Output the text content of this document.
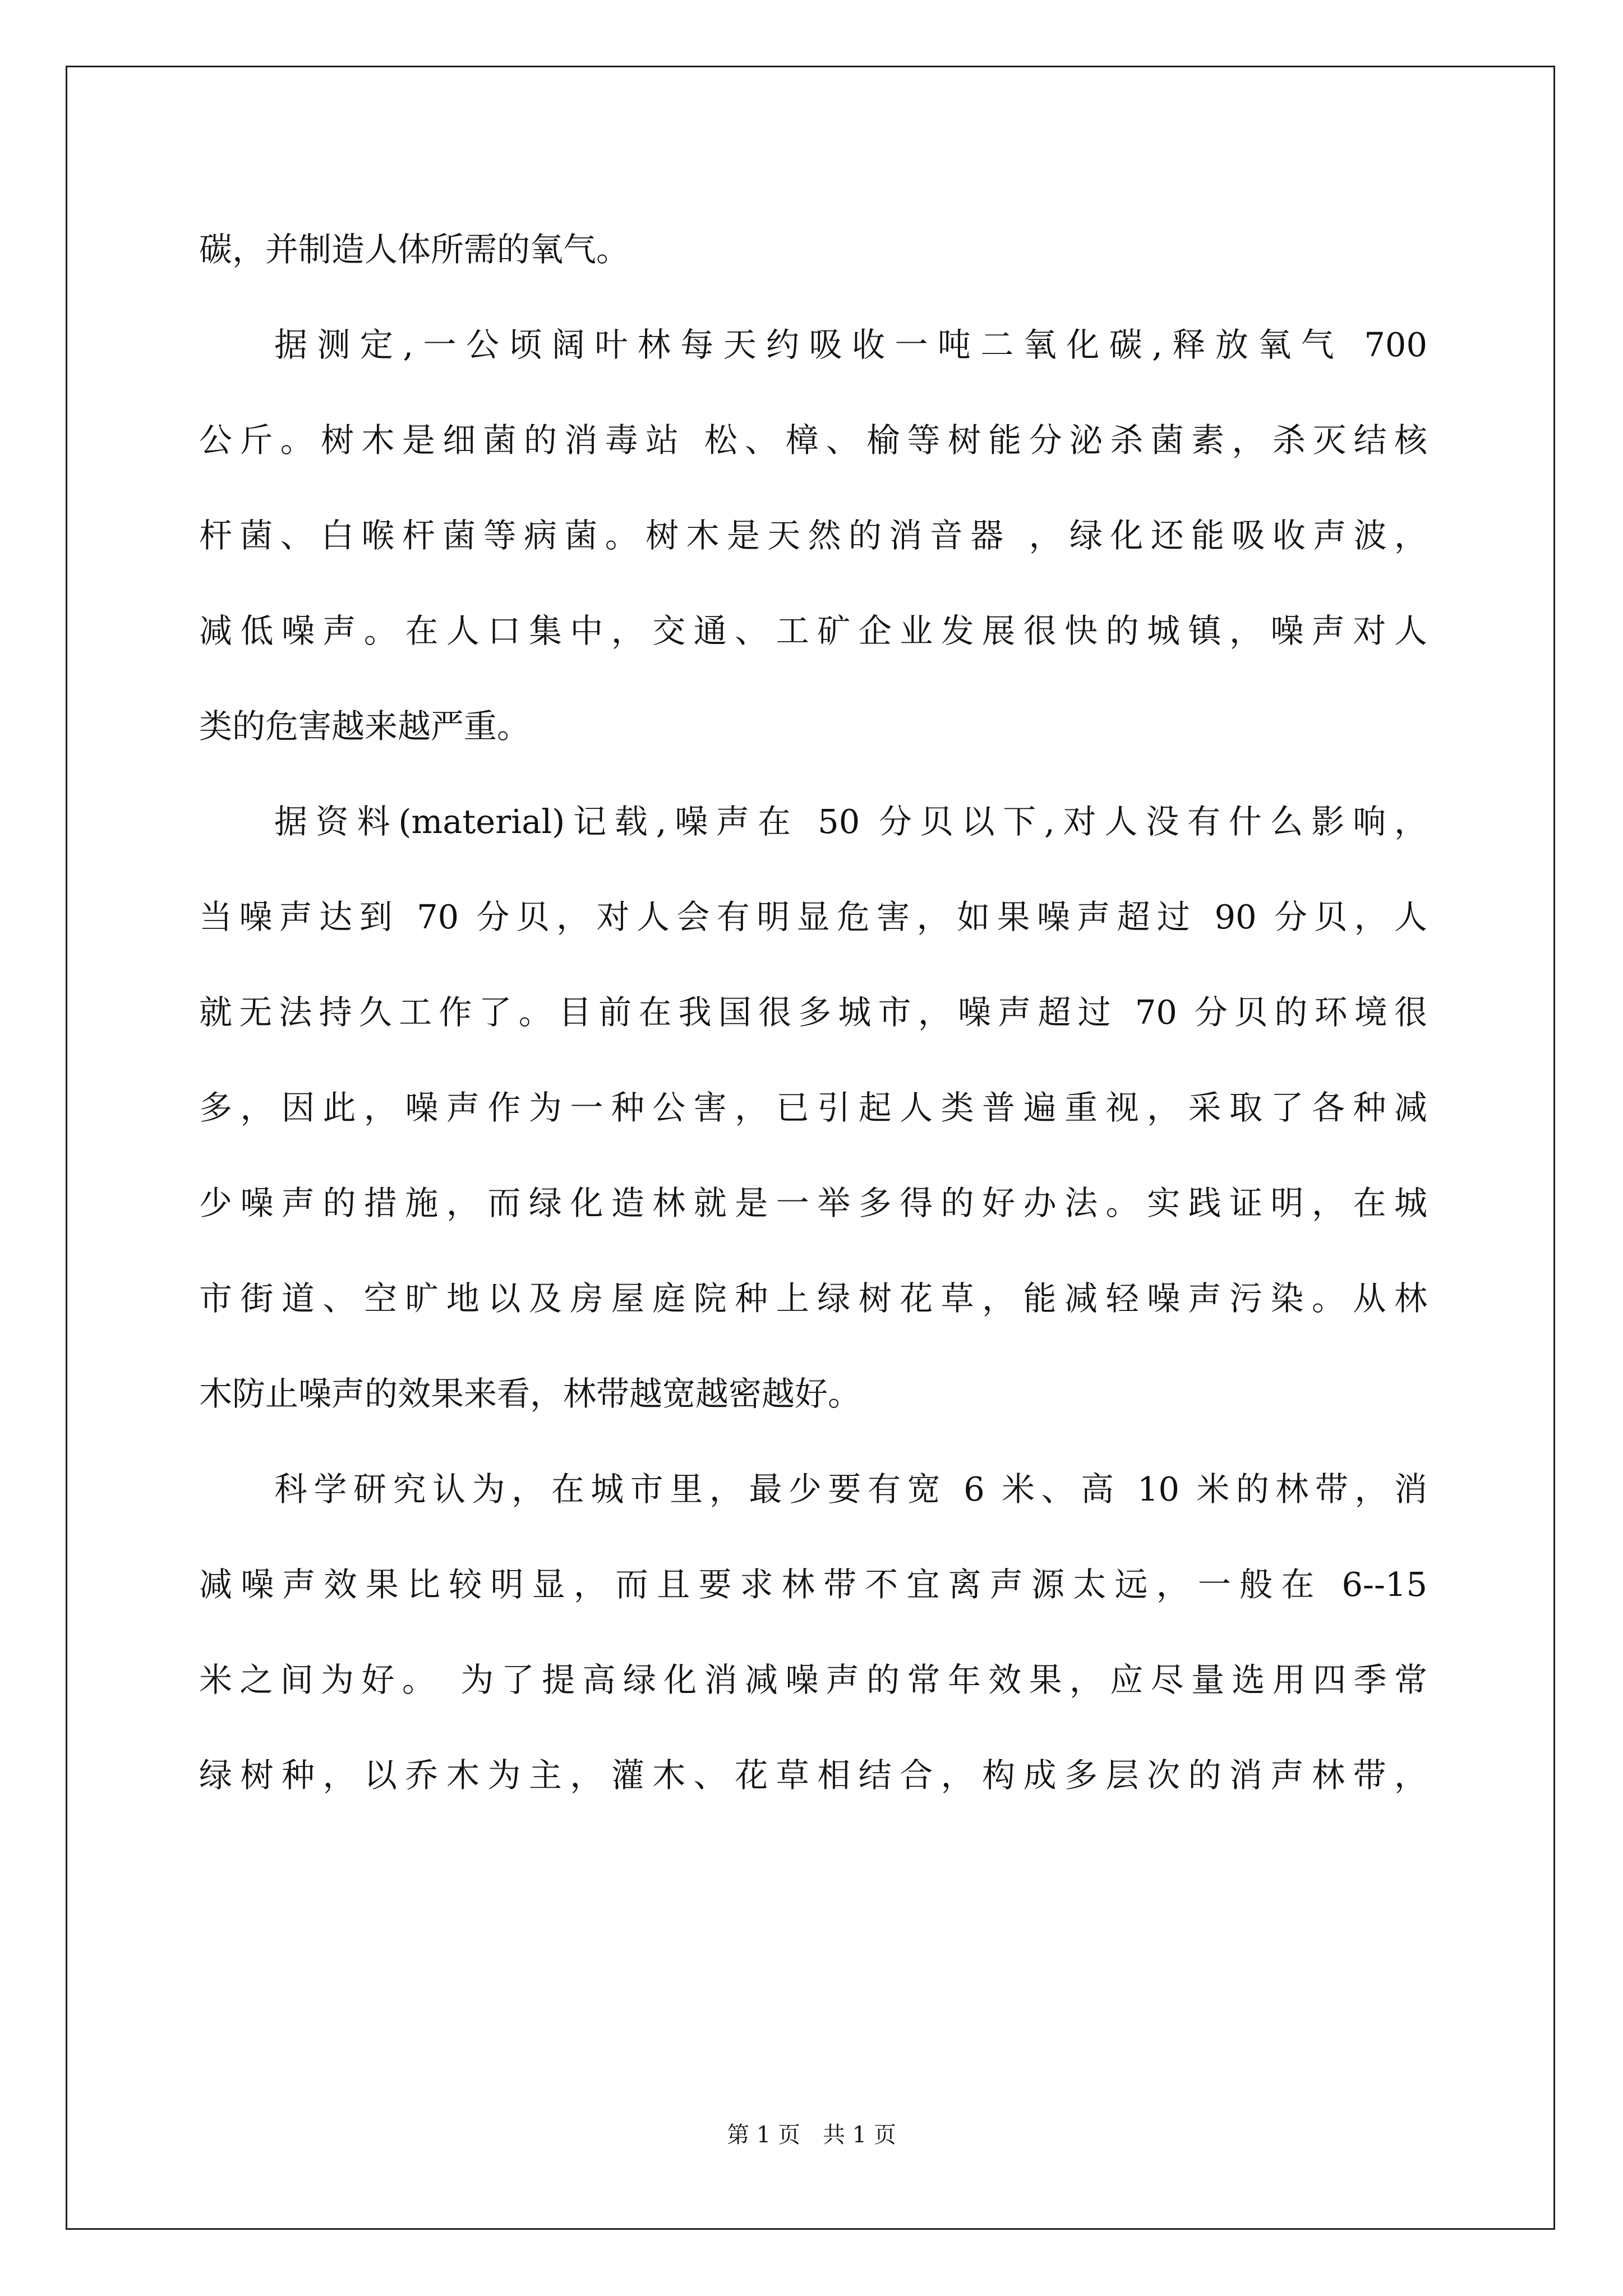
碳，并制造人体所需的氧气。
据测定,一公顷阔叶林每天约吸收一吨二氧化碳,释放氧气 700
公斤。树木是细菌的消毒站 松、樟、榆等树能分泌杀菌素，杀灭结核
杆菌、白喉杆菌等病菌。树木是天然的消音器 ，绿化还能吸收声波，
减低噪声。在人口集中，交通、工矿企业发展很快的城镇，噪声对人
类的危害越来越严重。
据资料(material)记载,噪声在 50 分贝以下,对人没有什么影响，
当噪声达到 70 分贝，对人会有明显危害，如果噪声超过 90 分贝，人
就无法持久工作了。目前在我国很多城市，噪声超过 70 分贝的环境很
多，因此，噪声作为一种公害，已引起人类普遍重视，采取了各种减
少噪声的措施，而绿化造林就是一举多得的好办法。实践证明，在城
市街道、空旷地以及房屋庭院种上绿树花草，能减轻噪声污染。从林
木防止噪声的效果来看，林带越宽越密越好。
科学研究认为，在城市里，最少要有宽 6 米、高 10 米的林带，消
减噪声效果比较明显，而且要求林带不宜离声源太远，一般在 6--15
米之间为好。 为了提高绿化消减噪声的常年效果，应尽量选用四季常
绿树种，以乔木为主，灌木、花草相结合，构成多层次的消声林带，
第 1 页　共 1 页
